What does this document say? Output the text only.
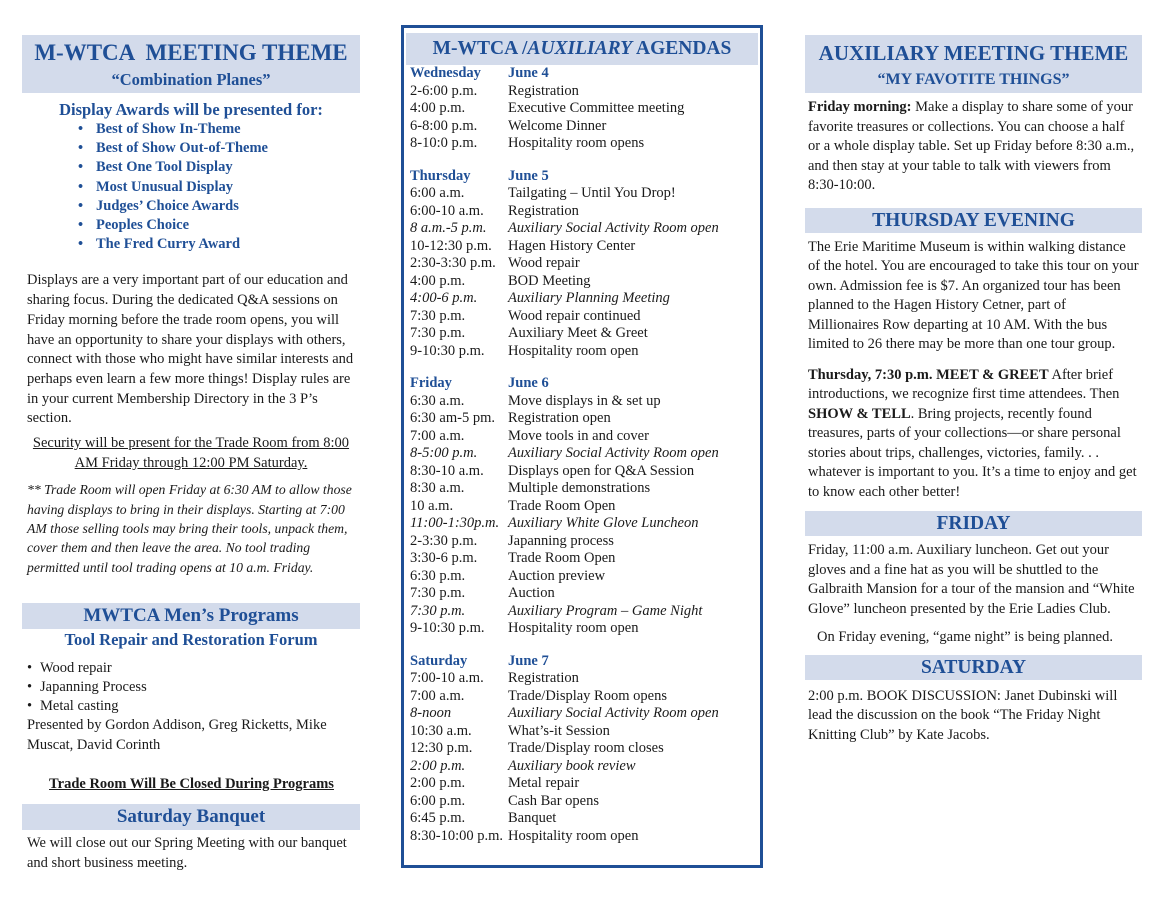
M-WTCA  MEETING THEME
“Combination Planes”
Display Awards will be presented for:
• Best of Show In-Theme
• Best of Show Out-of-Theme
• Best One Tool Display
• Most Unusual Display
• Judges’ Choice Awards
• Peoples Choice
• The Fred Curry Award

Displays are a very important part of our education and sharing focus. During the dedicated Q&A sessions on Friday morning before the trade room opens, you will have an opportunity to share your displays with others, connect with those who might have similar interests and perhaps even learn a few more things! Display rules are in your current Membership Directory in the 3 P’s section.

Security will be present for the Trade Room from 8:00 AM Friday through 12:00 PM Saturday.

** Trade Room will open Friday at 6:30 AM to allow those having displays to bring in their displays. Starting at 7:00 AM those selling tools may bring their tools, unpack them, cover them and then leave the area. No tool trading permitted until tool trading opens at 10 a.m. Friday.

MWTCA Men’s Programs
Tool Repair and Restoration Forum
• Wood repair
• Japanning Process
• Metal casting

Presented by Gordon Addison, Greg Ricketts, Mike Muscat, David Corinth

Trade Room Will Be Closed During Programs

Saturday Banquet

We will close out our Spring Meeting with our banquet and short business meeting.

M-WTCA /AUXILIARY AGENDAS
Wednesday	June 4
2-6:00 p.m.	Registration
4:00 p.m.	Executive Committee meeting
6-8:00 p.m.	Welcome Dinner
8-10:0 p.m.	Hospitality room opens
Thursday	June 5
6:00 a.m.	Tailgating – Until You Drop!
6:00-10 a.m.	Registration
8 a.m.-5 p.m.	Auxiliary Social Activity Room open
10-12:30 p.m.	Hagen History Center
2:30-3:30 p.m. Wood repair
4:00 p.m.	BOD Meeting
4:00-6 p.m.	Auxiliary Planning Meeting
7:30 p.m.	Wood repair continued
7:30 p.m.	Auxiliary Meet & Greet
9-10:30 p.m.	Hospitality room open
Friday	June 6
6:30 a.m.	Move displays in & set up
6:30 am-5 pm. Registration open
7:00 a.m.	Move tools in and cover
8-5:00 p.m.	Auxiliary Social Activity Room open
8:30-10 a.m.	Displays open for Q&A Session
8:30 a.m.	Multiple demonstrations
10 a.m.	Trade Room Open
11:00-1:30p.m. Auxiliary White Glove Luncheon
2-3:30 p.m.	Japanning process
3:30-6 p.m.	Trade Room Open
6:30 p.m.	Auction preview
7:30 p.m.	Auction
7:30 p.m.	Auxiliary Program – Game Night
9-10:30 p.m.	Hospitality room open
Saturday	June 7
7:00-10 a.m.	Registration
7:00 a.m.	Trade/Display Room opens
8-noon	Auxiliary Social Activity Room open
10:30 a.m.	What’s-it Session
12:30 p.m.	Trade/Display room closes
2:00 p.m.	Auxiliary book review
2:00 p.m.	Metal repair
6:00 p.m.	Cash Bar opens
6:45 p.m.	Banquet
8:30-10:00 p.m. Hospitality room open
AUXILIARY MEETING THEME
“MY FAVOTITE THINGS”

Friday morning: Make a display to share some of your favorite treasures or collections. You can choose a half or a whole display table. Set up Friday before 8:30 a.m., and then stay at your table to talk with viewers from 8:30-10:00.

THURSDAY EVENING

The Erie Maritime Museum is within walking distance of the hotel. You are encouraged to take this tour on your own. Admission fee is $7. An organized tour has been planned to the Hagen History Cetner, part of Millionaires Row departing at 10 AM. With the bus limited to 26 there may be more than one tour group.

Thursday, 7:30 p.m. MEET & GREET After brief introductions, we recognize first time attendees. Then SHOW & TELL. Bring projects, recently found treasures, parts of your collections—or share personal stories about trips, challenges, victories, family. . . whatever is important to you. It’s a time to enjoy and get to know each other better!

FRIDAY

Friday, 11:00 a.m. Auxiliary luncheon. Get out your gloves and a fine hat as you will be shuttled to the Galbraith Mansion for a tour of the mansion and “White Glove” luncheon presented by the Erie Ladies Club.

On Friday evening, “game night” is being planned.

SATURDAY

2:00 p.m. BOOK DISCUSSION: Janet Dubinski will lead the discussion on the book “The Friday Night Knitting Club” by Kate Jacobs.
